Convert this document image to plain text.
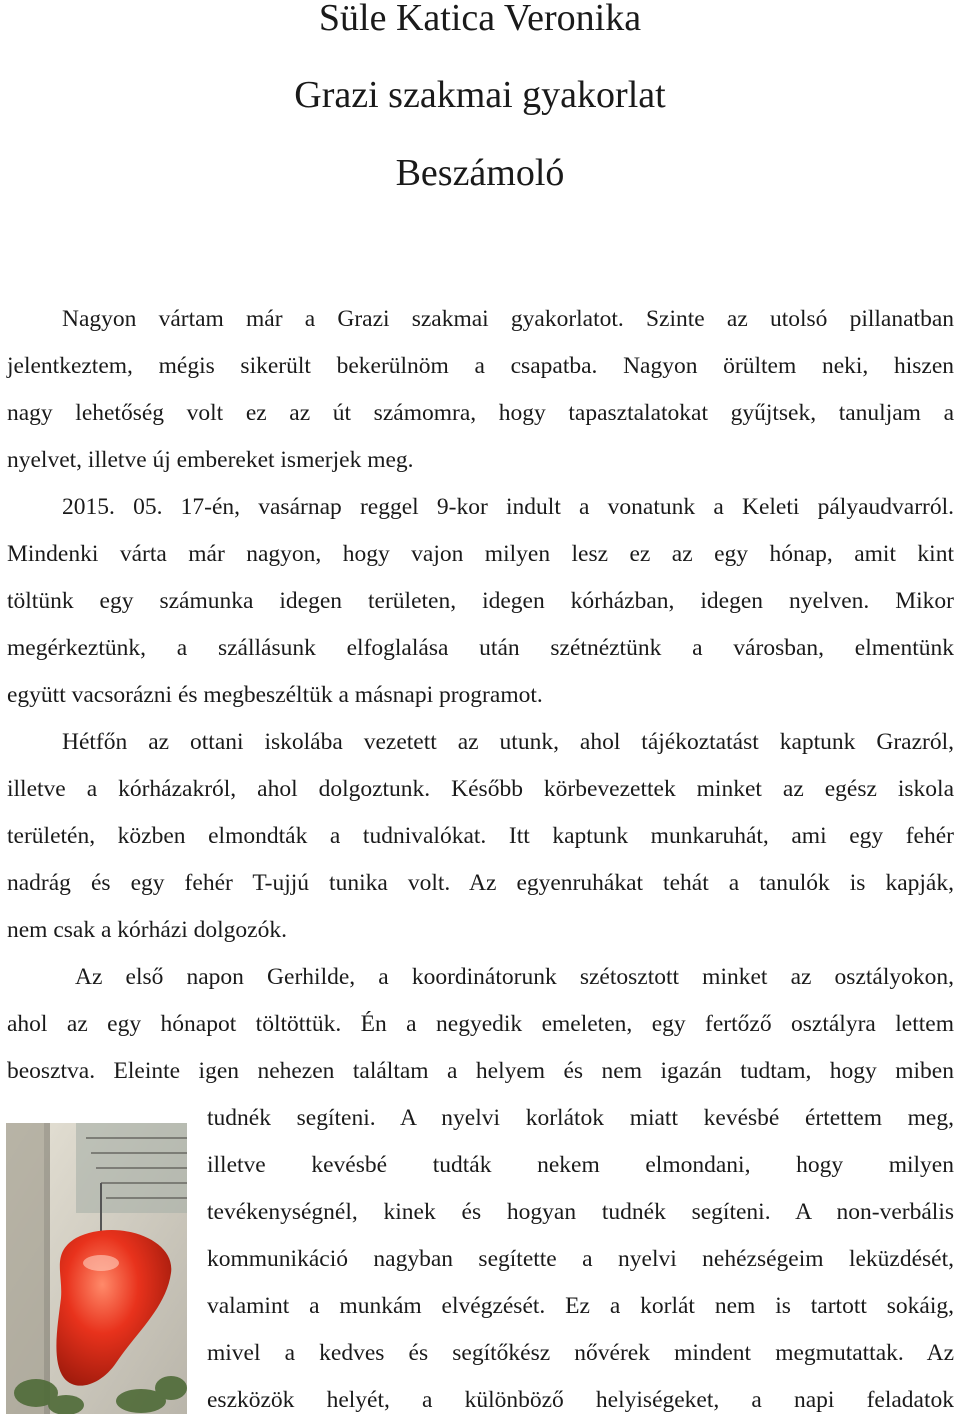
Süle Katica Veronika
Grazi szakmai gyakorlat
Beszámoló
Nagyon vártam már a Grazi szakmai gyakorlatot. Szinte az utolsó pillanatban
jelentkeztem, mégis sikerült bekerülnöm a csapatba. Nagyon örültem neki, hiszen
nagy lehetőség volt ez az út számomra, hogy tapasztalatokat gyűjtsek, tanuljam a
nyelvet, illetve új embereket ismerjek meg.
2015. 05. 17-én, vasárnap reggel 9-kor indult a vonatunk a Keleti pályaudvarról.
Mindenki várta már nagyon, hogy vajon milyen lesz ez az egy hónap, amit kint
töltünk egy számunka idegen területen, idegen kórházban, idegen nyelven. Mikor
megérkeztünk, a szállásunk elfoglalása után szétnéztünk a városban, elmentünk
együtt vacsorázni és megbeszéltük a másnapi programot.
Hétfőn az ottani iskolába vezetett az utunk, ahol tájékoztatást kaptunk Grazról,
illetve a kórházakról, ahol dolgoztunk. Később körbevezettek minket az egész iskola
területén, közben elmondták a tudnivalókat. Itt kaptunk munkaruhát, ami egy fehér
nadrág és egy fehér T-ujjú tunika volt. Az egyenruhákat tehát a tanulók is kapják,
nem csak a kórházi dolgozók.
Az első napon Gerhilde, a koordinátorunk szétosztott minket az osztályokon,
ahol az egy hónapot töltöttük. Én a negyedik emeleten, egy fertőző osztályra lettem
beosztva. Eleinte igen nehezen találtam a helyem és nem igazán tudtam, hogy miben
tudnék segíteni. A nyelvi korlátok miatt kevésbé értettem meg,
illetve kevésbé tudták nekem elmondani, hogy milyen
tevékenységnél, kinek és hogyan tudnék segíteni. A non-verbális
kommunikáció nagyban segítette a nyelvi nehézségeim leküzdését,
valamint a munkám elvégzését. Ez a korlát nem is tartott sokáig,
mivel a kedves és segítőkész nővérek mindent megmutattak. Az
eszközök helyét, a különböző helyiségeket, a napi feladatok
